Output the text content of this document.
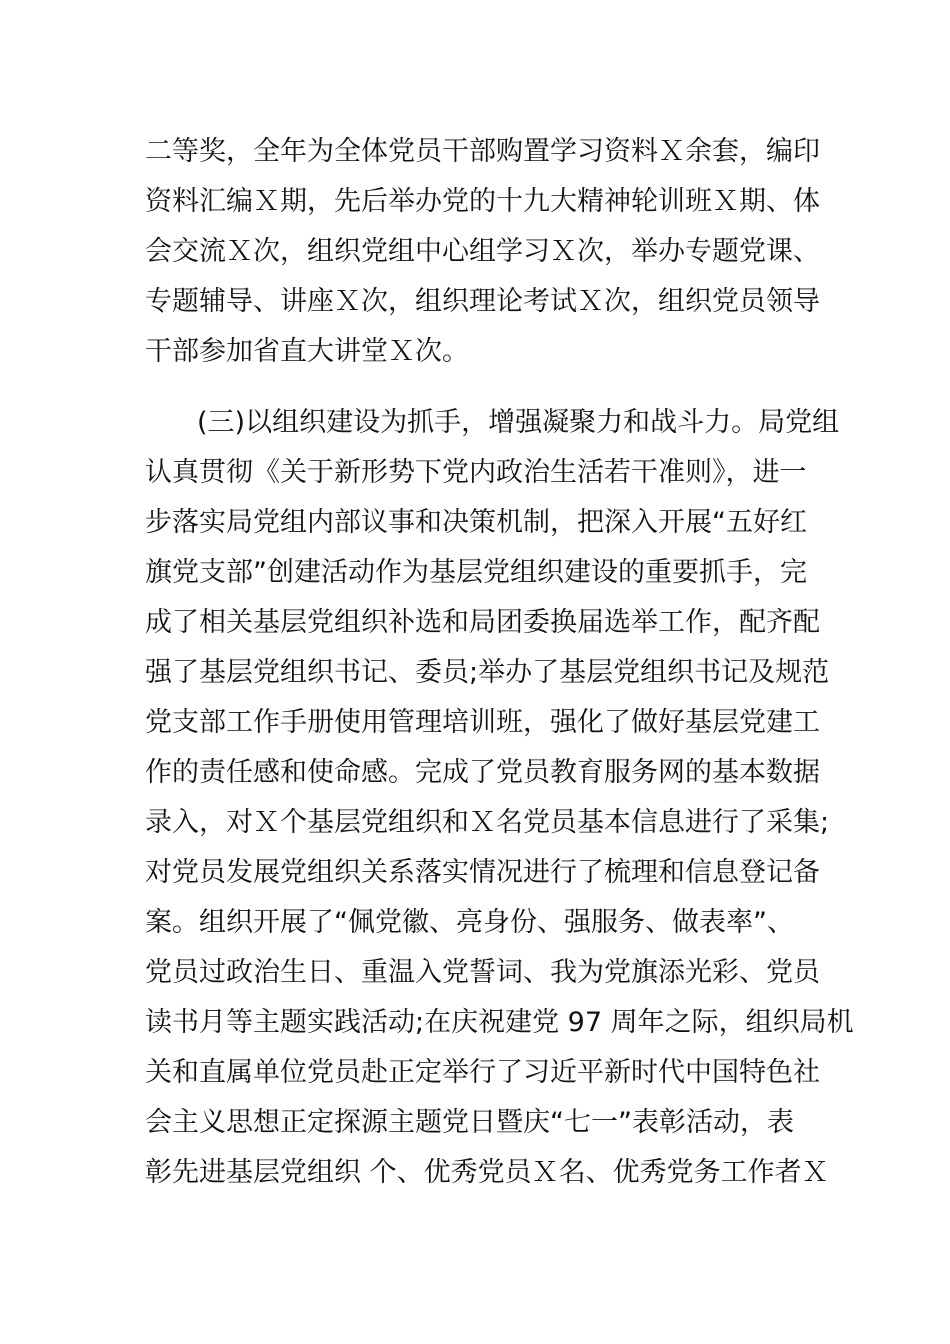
二等奖，全年为全体党员干部购置学习资料Ｘ余套，编印
资料汇编Ｘ期，先后举办党的十九大精神轮训班Ｘ期、体
会交流Ｘ次，组织党组中心组学习Ｘ次，举办专题党课、
专题辅导、讲座Ｘ次，组织理论考试Ｘ次，组织党员领导
干部参加省直大讲堂Ｘ次。
(三)以组织建设为抓手，增强凝聚力和战斗力。局党组
认真贯彻《关于新形势下党内政治生活若干准则》，进一
步落实局党组内部议事和决策机制，把深入开展“五好红
旗党支部”创建活动作为基层党组织建设的重要抓手，完
成了相关基层党组织补选和局团委换届选举工作，配齐配
强了基层党组织书记、委员;举办了基层党组织书记及规范
党支部工作手册使用管理培训班，强化了做好基层党建工
作的责任感和使命感。完成了党员教育服务网的基本数据
录入，对Ｘ个基层党组织和Ｘ名党员基本信息进行了采集;
对党员发展党组织关系落实情况进行了梳理和信息登记备
案。组织开展了“佩党徽、亮身份、强服务、做表率”、
党员过政治生日、重温入党誓词、我为党旗添光彩、党员
读书月等主题实践活动;在庆祝建党 97 周年之际，组织局机
关和直属单位党员赴正定举行了习近平新时代中国特色社
会主义思想正定探源主题党日暨庆“七一”表彰活动，表
彰先进基层党组织 个、优秀党员Ｘ名、优秀党务工作者Ｘ
